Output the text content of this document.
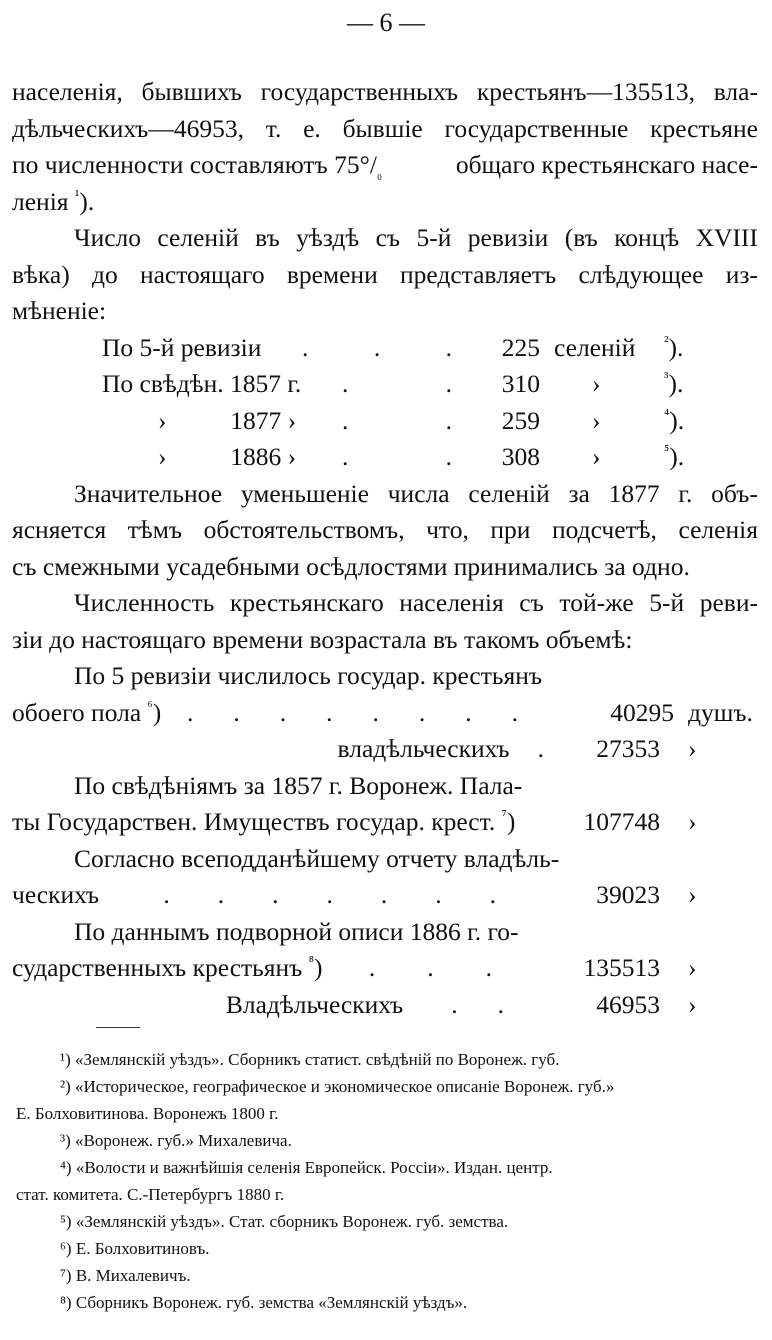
— 6 —
населенія, бывшихъ государственныхъ крестьянъ—135513, вла-
дѣльческихъ—46953, т. е. бывшіе государственные крестьяне
по численности составляютъ $75^\circ/_{_0}$	общаго крестьянскаго насе-
ленія $^{^1}$).
Число селеній въ уѣздѣ съ 5-й ревизіи (въ концѣ XVIII
вѣка) до настоящаго времени представляетъ слѣдующее из-
мѣненіе:
По 5-й ревизіи	.	.	.	225 селеній	$^{^2}$).
По свѣдѣн. 1857 г. .	.	310	›	$^{^3}$).
›          1877 › .	.	259	›	$^{^4}$).
›          1886 › .	.	308	›	$^{^5}$).
Значительное уменьшеніе числа селеній за 1877 г. объ-
ясняется тѣмъ обстоятельствомъ, что, при подсчетѣ, селенія
съ смежными усадебными осѣдлостями принимались за одно.
Численность крестьянскаго населенія съ той-же 5-й реви-
зіи до настоящаго времени возрастала въ такомъ объемѣ:
По 5 ревизіи числилось государ. крестьянъ
обоего пола $^{^6}$) ........	40295 душъ.
владѣльческихъ	.	27353	›
По свѣдѣніямъ за 1857 г. Воронеж. Пала-
ты Государствен. Имуществъ государ. крест. $^{^7}$)	107748	›
Согласно всеподданѣйшему отчету владѣль-
ческихъ	.......	39023	›
По даннымъ подворной описи 1886 г. го-
сударственныхъ крестьянъ $^{^8}$) ...	135513	›
Владѣльческихъ	..	46953	›
¹) «Землянскій уѣздъ». Сборникъ статист. свѣдѣній по Воронеж. губ.
²) «Историческое, географическое и экономическое описаніе Воронеж. губ.»
Е. Болховитинова. Воронежъ 1800 г.
³) «Воронеж. губ.» Михалевича.
⁴) «Волости и важнѣйшія селенія Европейск. Россіи». Издан. центр.
стат. комитета. С.-Петербургъ 1880 г.
⁵) «Землянскій уѣздъ». Стат. сборникъ Воронеж. губ. земства.
⁶) Е. Болховитиновъ.
⁷) В. Михалевичъ.
⁸) Сборникъ Воронеж. губ. земства «Землянскій уѣздъ».
